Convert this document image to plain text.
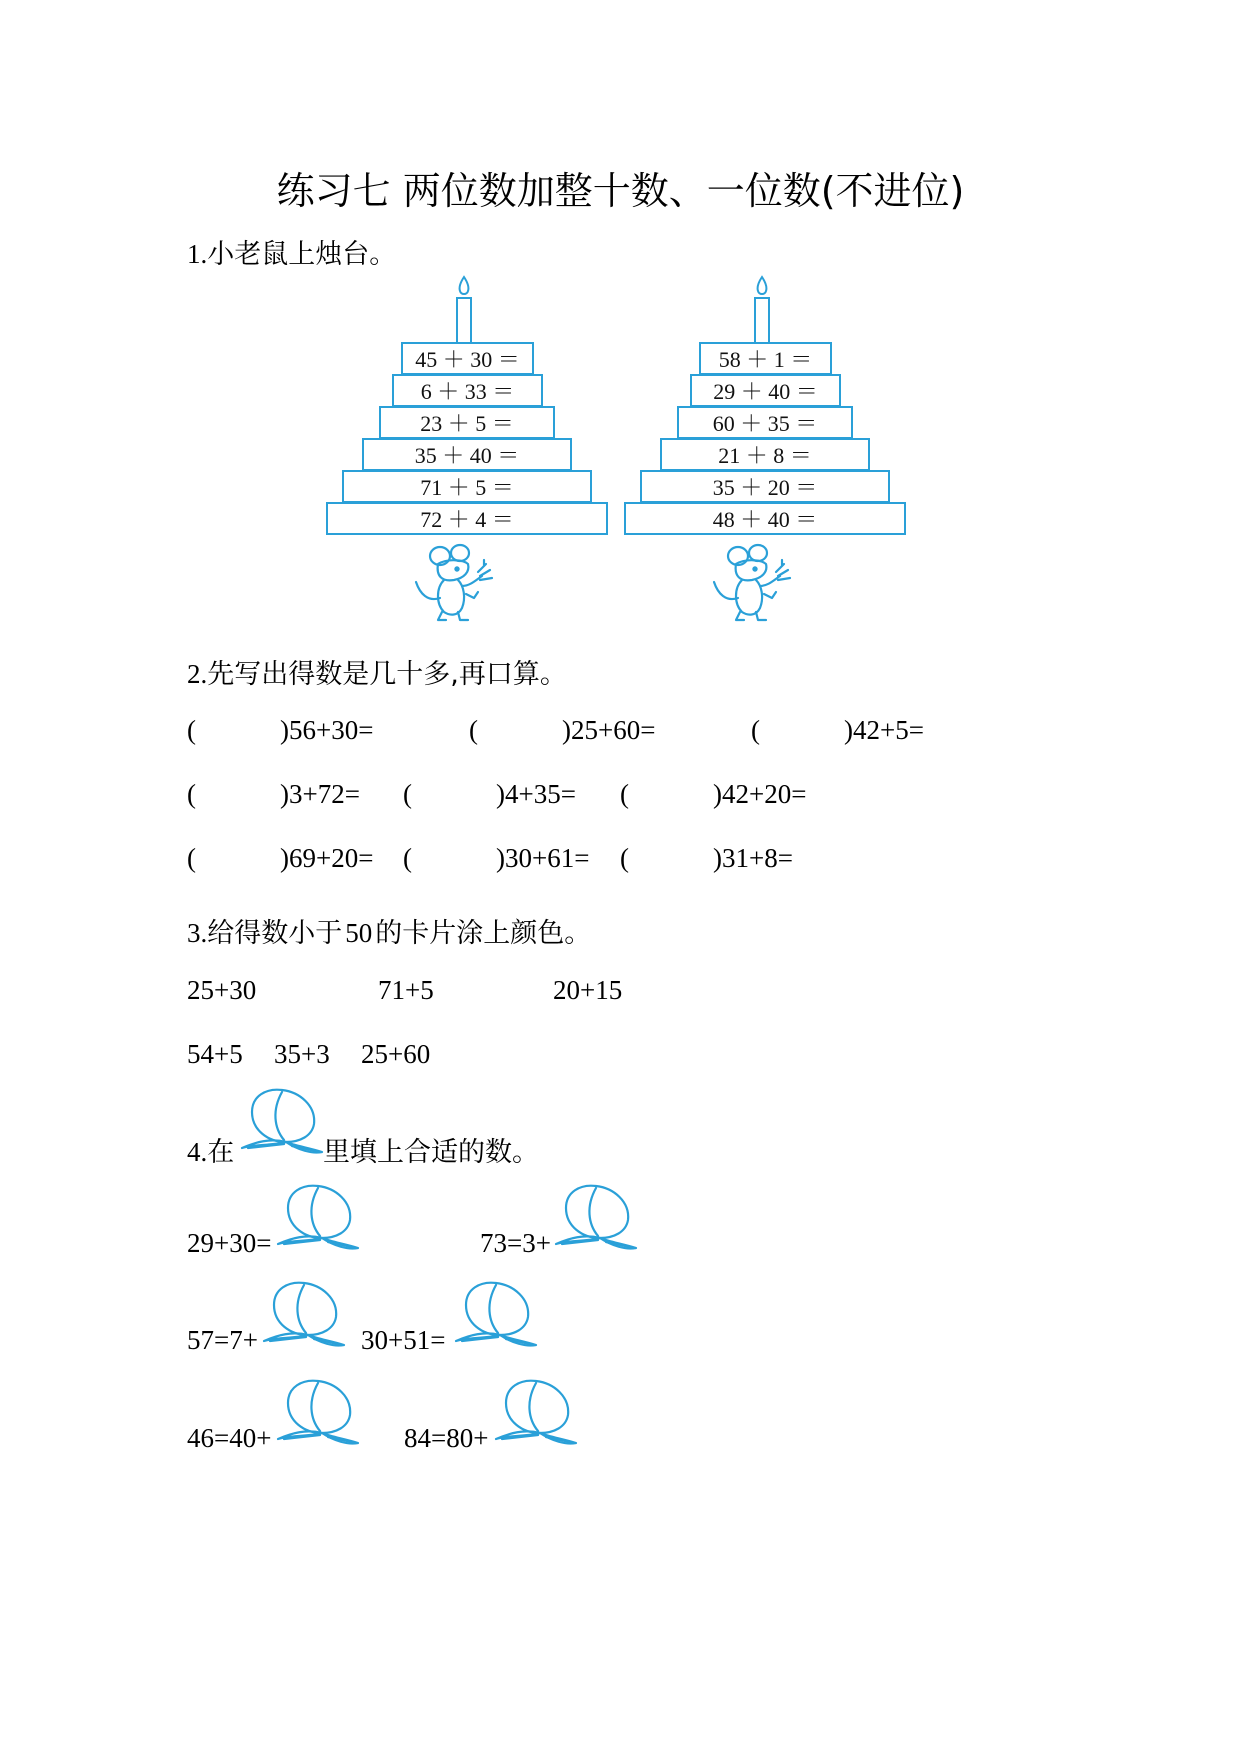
练习七 两位数加整十数、一位数(不进位)
1.小老鼠上烛台。
45 ＋ 30 ＝
6 ＋ 33 ＝
23 ＋ 5 ＝
35 ＋ 40 ＝
71 ＋ 5 ＝
72 ＋ 4 ＝
58 ＋ 1 ＝
29 ＋ 40 ＝
60 ＋ 35 ＝
21 ＋ 8 ＝
35 ＋ 20 ＝
48 ＋ 40 ＝
2.先写出得数是几十多,再口算。
(	)56+30=	(	)25+60=	(	)42+5=
(	)3+72= (	)4+35= (	)42+20=
(	)69+20= (	)30+61= (	)31+8=
3.给得数小于 50 的卡片涂上颜色。
25+30	71+5	20+15
54+5 35+3 25+60
4.在	里填上合适的数。
29+30=	73=3+
57=7+	30+51=
46=40+	84=80+
